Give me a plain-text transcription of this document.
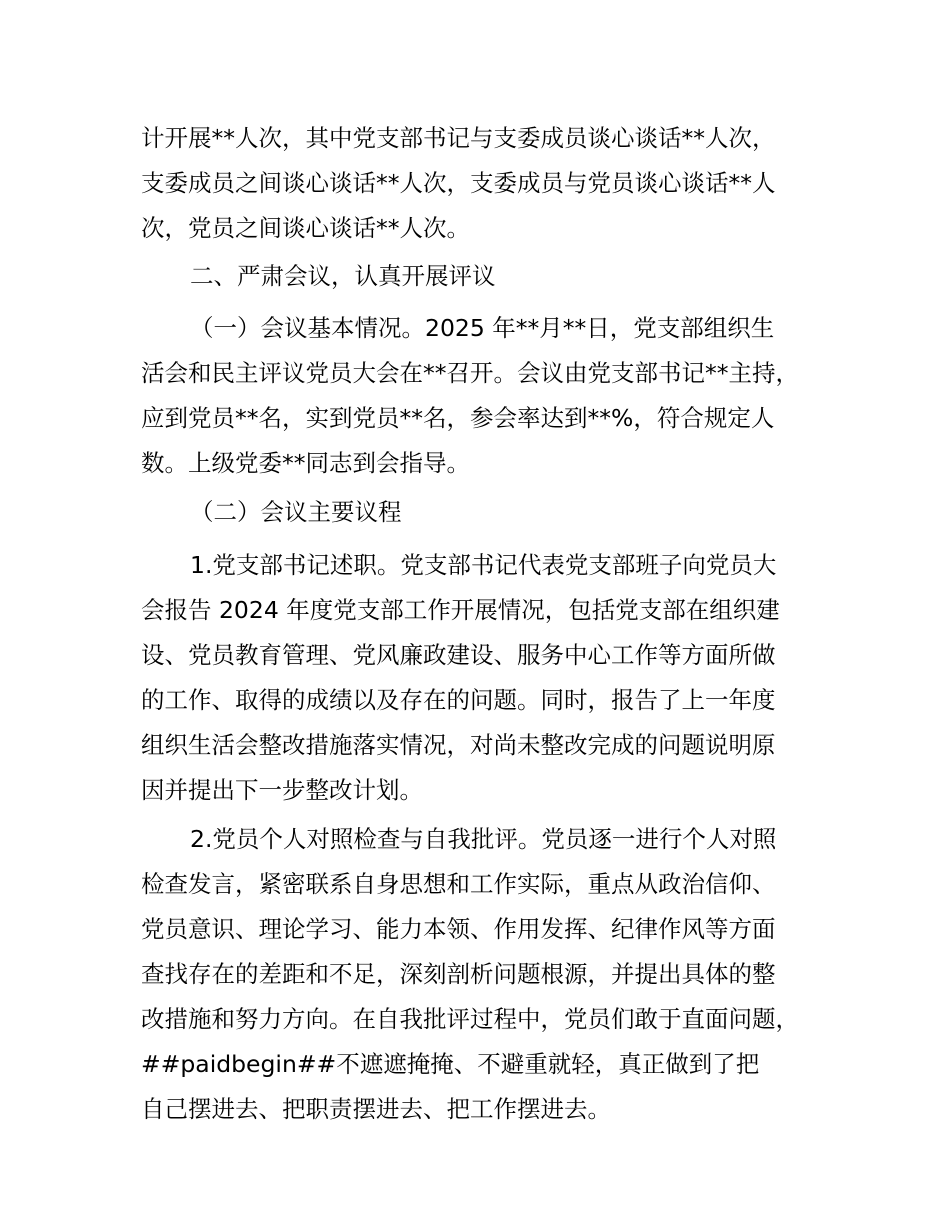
计开展**人次，其中党支部书记与支委成员谈心谈话**人次，
支委成员之间谈心谈话**人次，支委成员与党员谈心谈话**人
次，党员之间谈心谈话**人次。
二、严肃会议，认真开展评议
（一）会议基本情况。2025 年**月**日，党支部组织生
活会和民主评议党员大会在**召开。会议由党支部书记**主持，
应到党员**名，实到党员**名，参会率达到**%，符合规定人
数。上级党委**同志到会指导。
（二）会议主要议程
1.党支部书记述职。党支部书记代表党支部班子向党员大
会报告 2024 年度党支部工作开展情况，包括党支部在组织建
设、党员教育管理、党风廉政建设、服务中心工作等方面所做
的工作、取得的成绩以及存在的问题。同时，报告了上一年度
组织生活会整改措施落实情况，对尚未整改完成的问题说明原
因并提出下一步整改计划。
2.党员个人对照检查与自我批评。党员逐一进行个人对照
检查发言，紧密联系自身思想和工作实际，重点从政治信仰、
党员意识、理论学习、能力本领、作用发挥、纪律作风等方面
查找存在的差距和不足，深刻剖析问题根源，并提出具体的整
改措施和努力方向。在自我批评过程中，党员们敢于直面问题，
##paidbegin##不遮遮掩掩、不避重就轻，真正做到了把
自己摆进去、把职责摆进去、把工作摆进去。
